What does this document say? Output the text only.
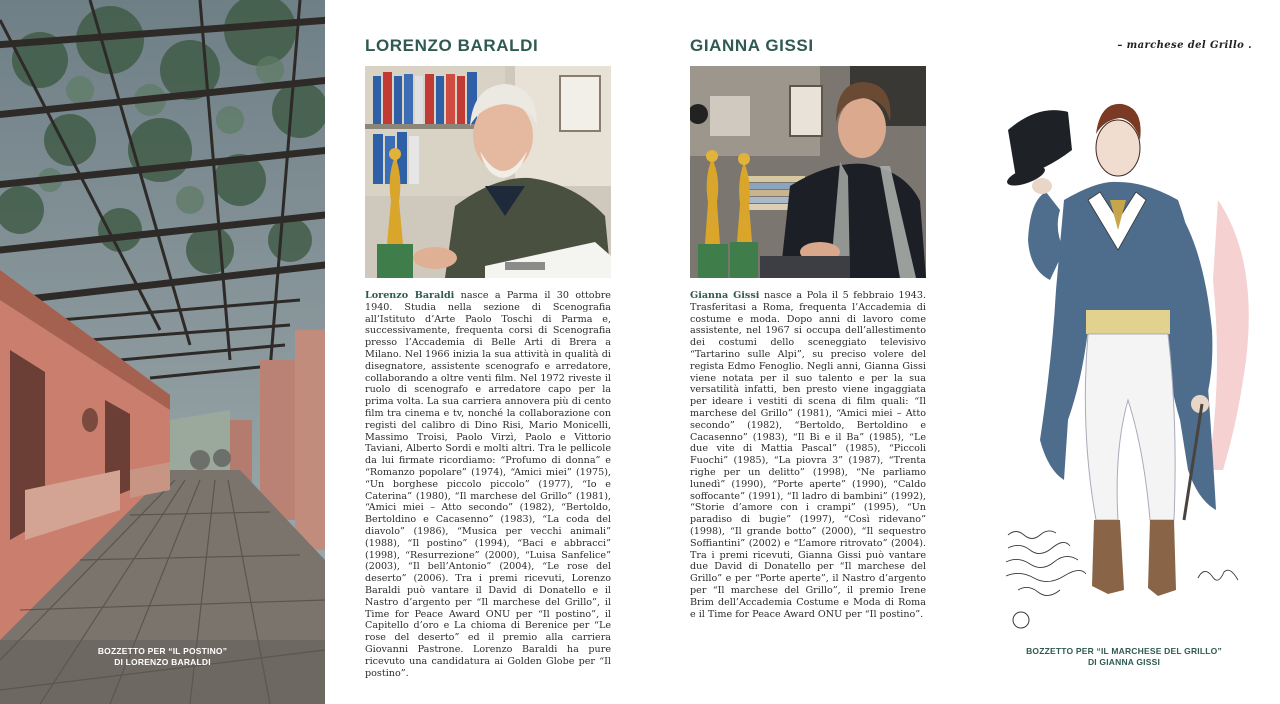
BOZZETTO PER “IL POSTINO”
DI LORENZO BARALDI
LORENZO BARALDI
Lorenzo Baraldi nasce a Parma il 30 ottobre 1940. Studia nella sezione di Scenografia all’Istituto d’Arte Paolo Toschi di Parma e, successivamente, frequenta corsi di Scenografia presso l’Accademia di Belle Arti di Brera a Milano. Nel 1966 inizia la sua attività in qualità di disegnatore, assistente scenografo e arredatore, collaborando a oltre venti film. Nel 1972 riveste il ruolo di scenografo e arredatore capo per la prima volta. La sua carriera annovera più di cento film tra cinema e tv, nonché la collaborazione con registi del calibro di Dino Risi, Mario Monicelli, Massimo Troisi, Paolo Virzì, Paolo e Vittorio Taviani, Alberto Sordi e molti altri. Tra le pellicole da lui firmate ricordiamo: “Profumo di donna” e “Romanzo popolare” (1974), “Amici miei” (1975), “Un borghese piccolo piccolo” (1977), “Io e Caterina” (1980), “Il marchese del Grillo” (1981), “Amici miei – Atto secondo” (1982), “Bertoldo, Bertoldino e Cacasenno” (1983), “La coda del diavolo” (1986), “Musica per vecchi animali” (1988), “Il postino” (1994), “Baci e abbracci” (1998), “Resurrezione” (2000), “Luisa Sanfelice” (2003), “Il bell’Antonio” (2004), “Le rose del deserto” (2006). Tra i premi ricevuti, Lorenzo Baraldi può vantare il David di Donatello e il Nastro d’argento per “Il marchese del Grillo”, il Time for Peace Award ONU per “Il postino”, il Capitello d’oro e La chioma di Berenice per “Le rose del deserto” ed il premio alla carriera Giovanni Pastrone. Lorenzo Baraldi ha pure ricevuto una candidatura ai Golden Globe per “Il postino”.
GIANNA GISSI
Gianna Gissi nasce a Pola il 5 febbraio 1943. Trasferitasi a Roma, frequenta l’Accademia di costume e moda. Dopo anni di lavoro come assistente, nel 1967 si occupa dell’allestimento dei costumi dello sceneggiato televisivo “Tartarino sulle Alpi”, su preciso volere del regista Edmo Fenoglio. Negli anni, Gianna Gissi viene notata per il suo talento e per la sua versatilità infatti, ben presto viene ingaggiata per ideare i vestiti di scena di film quali: “Il marchese del Grillo” (1981), “Amici miei – Atto secondo” (1982), “Bertoldo, Bertoldino e Cacasenno” (1983), “Il Bi e il Ba” (1985), “Le due vite di Mattia Pascal” (1985), “Piccoli Fuochi” (1985), “La piovra 3” (1987), “Trenta righe per un delitto” (1998), “Ne parliamo lunedì” (1990), “Porte aperte” (1990), “Caldo soffocante” (1991), “Il ladro di bambini” (1992), “Storie d’amore con i crampi” (1995), “Un paradiso di bugie” (1997), “Così ridevano” (1998), “Il grande botto” (2000), “Il sequestro Soffiantini” (2002) e “L’amore ritrovato” (2004). Tra i premi ricevuti, Gianna Gissi può vantare due David di Donatello per “Il marchese del Grillo” e per “Porte aperte”, il Nastro d’argento per “Il marchese del Grillo”, il premio Irene Brim dell’Accademia Costume e Moda di Roma e il Time for Peace Award ONU per “Il postino”.
– marchese del Grillo .
BOZZETTO PER “IL MARCHESE DEL GRILLO”
DI GIANNA GISSI
